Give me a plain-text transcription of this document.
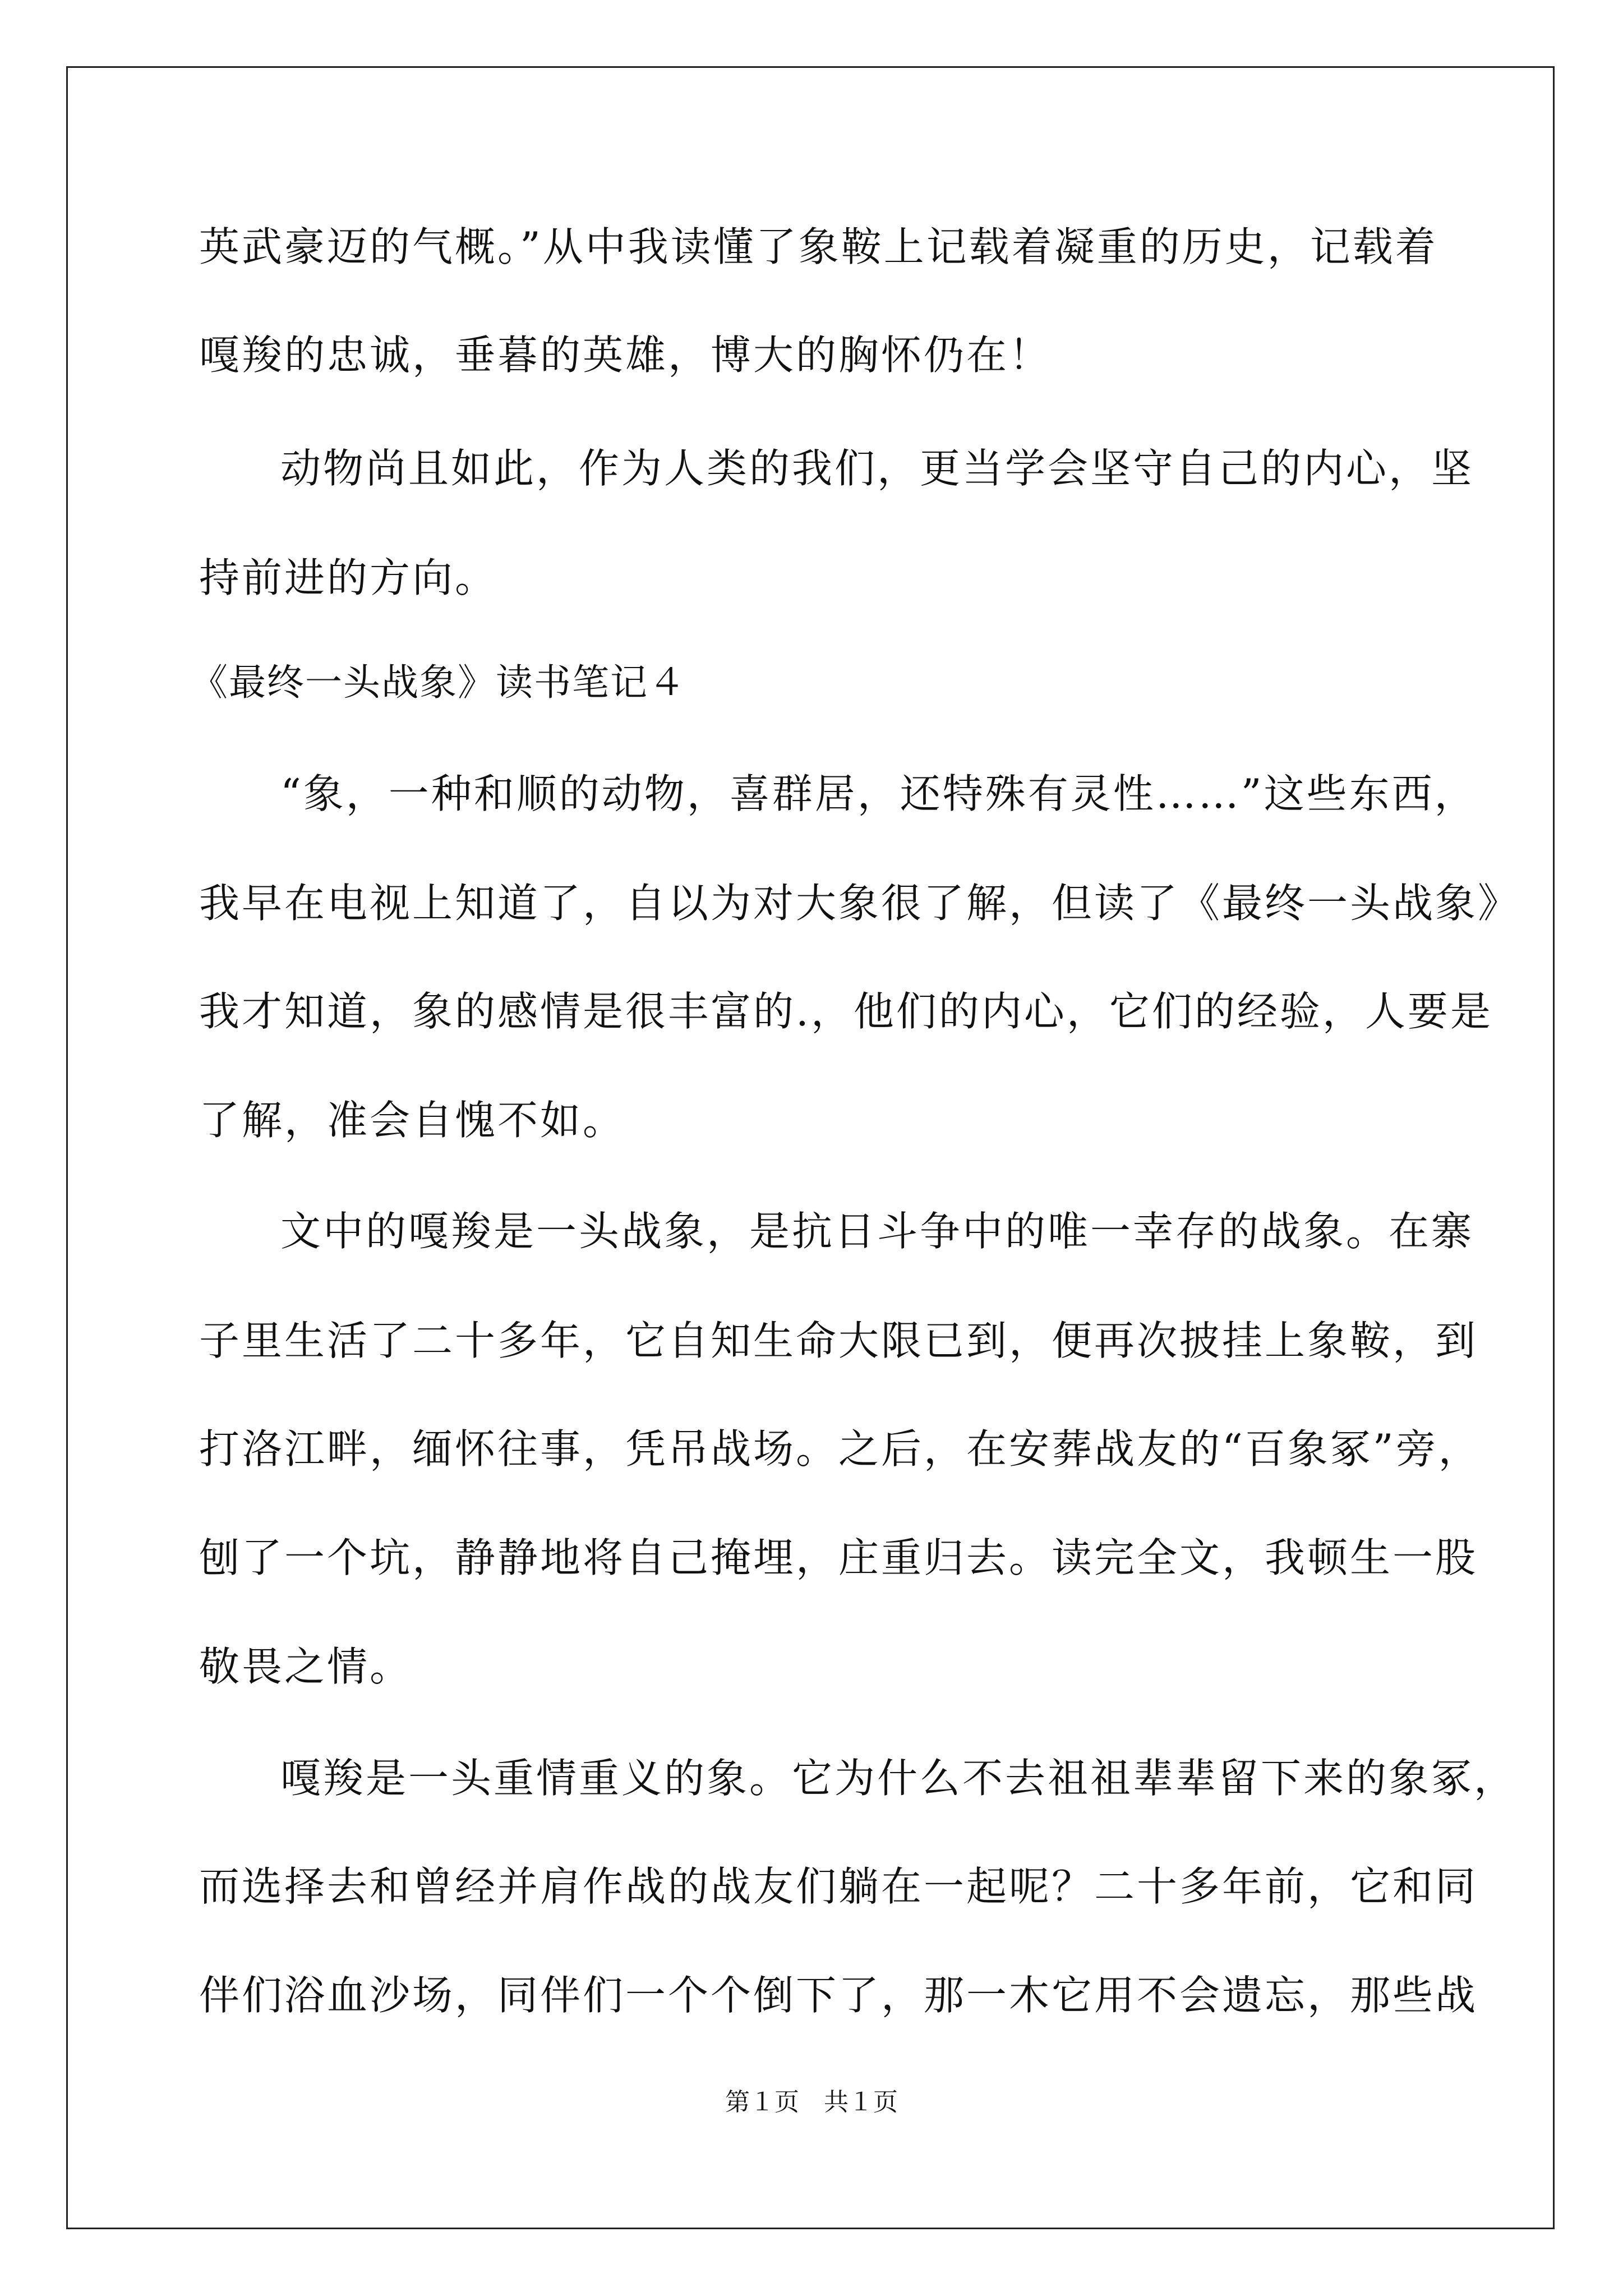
英武豪迈的气概。”从中我读懂了象鞍上记载着凝重的历史，记载着

嘎羧的忠诚，垂暮的英雄，博大的胸怀仍在！

动物尚且如此，作为人类的我们，更当学会坚守自己的内心，坚

持前进的方向。

《最终一头战象》读书笔记４

“象，一种和顺的动物，喜群居，还特殊有灵性……”这些东西，

我早在电视上知道了，自以为对大象很了解，但读了《最终一头战象》

我才知道，象的感情是很丰富的.，他们的内心，它们的经验，人要是

了解，准会自愧不如。

文中的嘎羧是一头战象，是抗日斗争中的唯一幸存的战象。在寨

子里生活了二十多年，它自知生命大限已到，便再次披挂上象鞍，到

打洛江畔，缅怀往事，凭吊战场。之后，在安葬战友的“百象冢”旁，

刨了一个坑，静静地将自己掩埋，庄重归去。读完全文，我顿生一股

敬畏之情。

嘎羧是一头重情重义的象。它为什么不去祖祖辈辈留下来的象冢，

而选择去和曾经并肩作战的战友们躺在一起呢？二十多年前，它和同

伴们浴血沙场，同伴们一个个倒下了，那一木它用不会遗忘，那些战

第１页　共１页
